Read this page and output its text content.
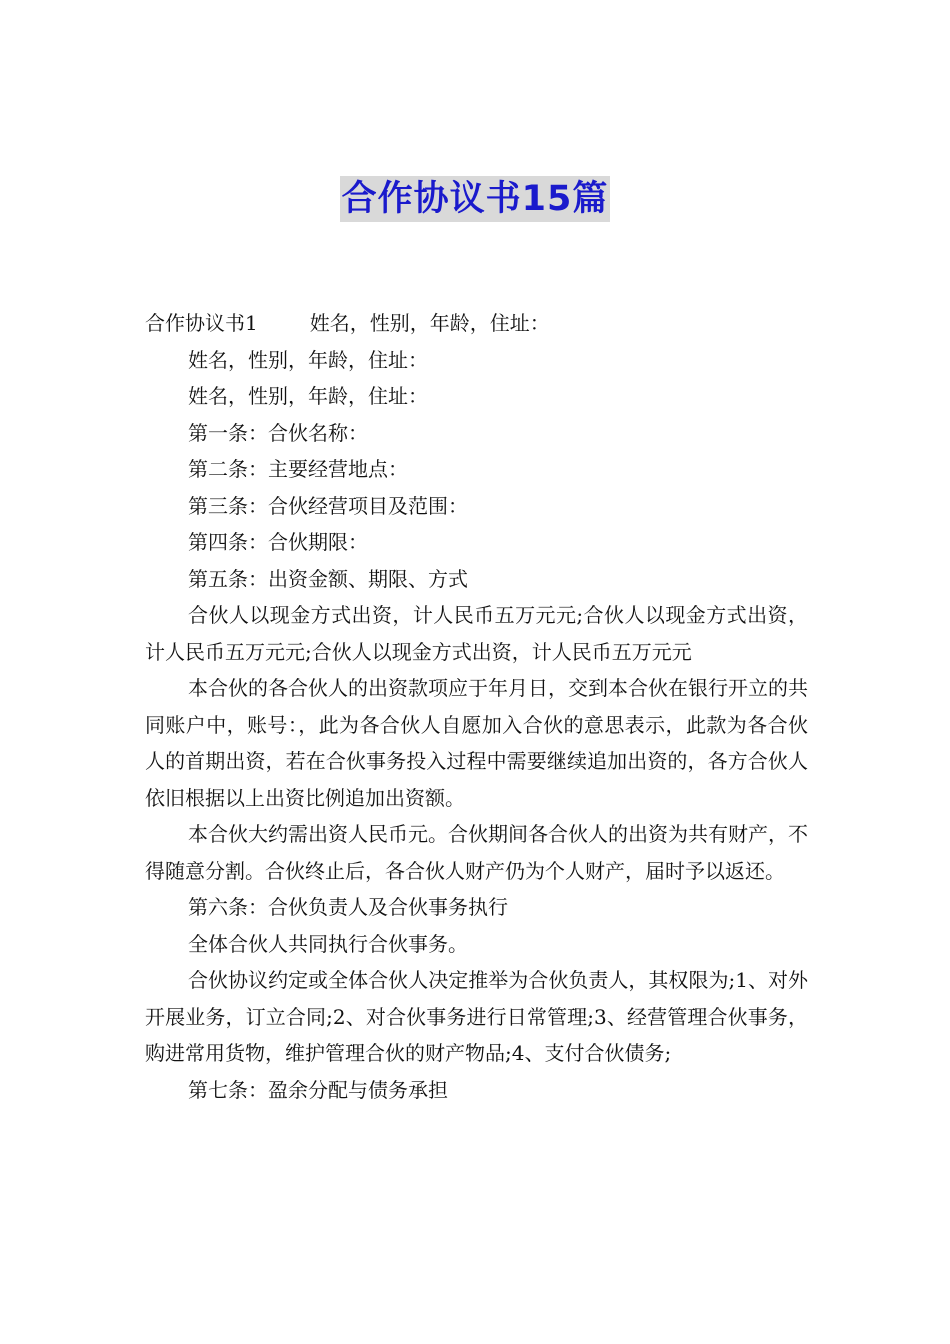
合作协议书15篇

合作协议书1	姓名，性别，年龄，住址：

姓名，性别，年龄，住址：

姓名，性别，年龄，住址：

第一条：合伙名称：

第二条：主要经营地点：

第三条：合伙经营项目及范围：

第四条：合伙期限：

第五条：出资金额、期限、方式

合伙人以现金方式出资，计人民币五万元元;合伙人以现金方式出资，计人民币五万元元;合伙人以现金方式出资，计人民币五万元元

本合伙的各合伙人的出资款项应于年月日，交到本合伙在银行开立的共同账户中，账号：，此为各合伙人自愿加入合伙的意思表示，此款为各合伙人的首期出资，若在合伙事务投入过程中需要继续追加出资的，各方合伙人依旧根据以上出资比例追加出资额。

本合伙大约需出资人民币元。合伙期间各合伙人的出资为共有财产，不得随意分割。合伙终止后，各合伙人财产仍为个人财产，届时予以返还。

第六条：合伙负责人及合伙事务执行

全体合伙人共同执行合伙事务。

合伙协议约定或全体合伙人决定推举为合伙负责人，其权限为;1、对外开展业务，订立合同;2、对合伙事务进行日常管理;3、经营管理合伙事务，购进常用货物，维护管理合伙的财产物品;4、支付合伙债务;

第七条：盈余分配与债务承担
